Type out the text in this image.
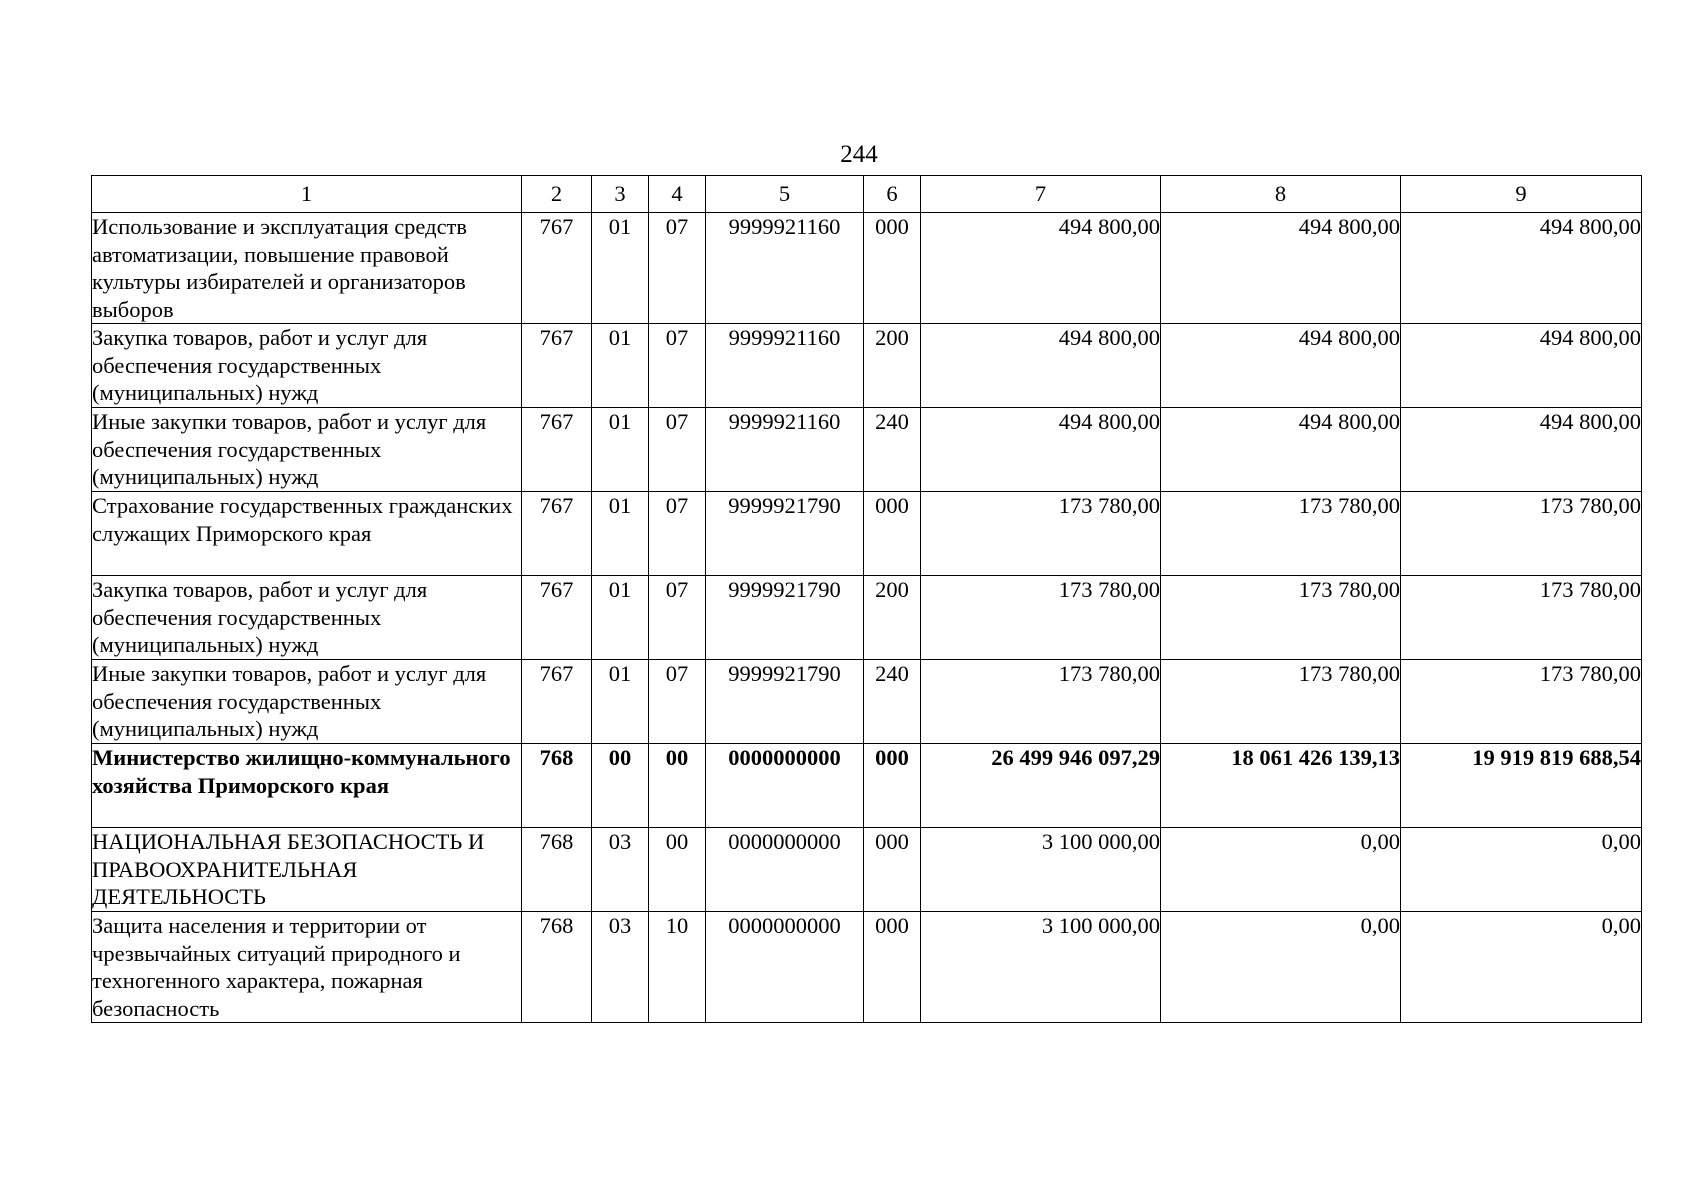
244
1	2	3	4	5	6	7	8	9
Использование и эксплуатация средств автоматизации, повышение правовой культуры избирателей и организаторов выборов	767	01	07	9999921160	000	494 800,00	494 800,00	494 800,00
Закупка товаров, работ и услуг для обеспечения государственных (муниципальных) нужд	767	01	07	9999921160	200	494 800,00	494 800,00	494 800,00
Иные закупки товаров, работ и услуг для обеспечения государственных (муниципальных) нужд	767	01	07	9999921160	240	494 800,00	494 800,00	494 800,00
Страхование государственных гражданских служащих Приморского края	767	01	07	9999921790	000	173 780,00	173 780,00	173 780,00
Закупка товаров, работ и услуг для обеспечения государственных (муниципальных) нужд	767	01	07	9999921790	200	173 780,00	173 780,00	173 780,00
Иные закупки товаров, работ и услуг для обеспечения государственных (муниципальных) нужд	767	01	07	9999921790	240	173 780,00	173 780,00	173 780,00
Министерство жилищно-коммунального хозяйства Приморского края	768	00	00	0000000000	000	26 499 946 097,29	18 061 426 139,13	19 919 819 688,54
НАЦИОНАЛЬНАЯ БЕЗОПАСНОСТЬ И ПРАВООХРАНИТЕЛЬНАЯ ДЕЯТЕЛЬНОСТЬ	768	03	00	0000000000	000	3 100 000,00	0,00	0,00
Защита населения и территории от чрезвычайных ситуаций природного и техногенного характера, пожарная безопасность	768	03	10	0000000000	000	3 100 000,00	0,00	0,00
